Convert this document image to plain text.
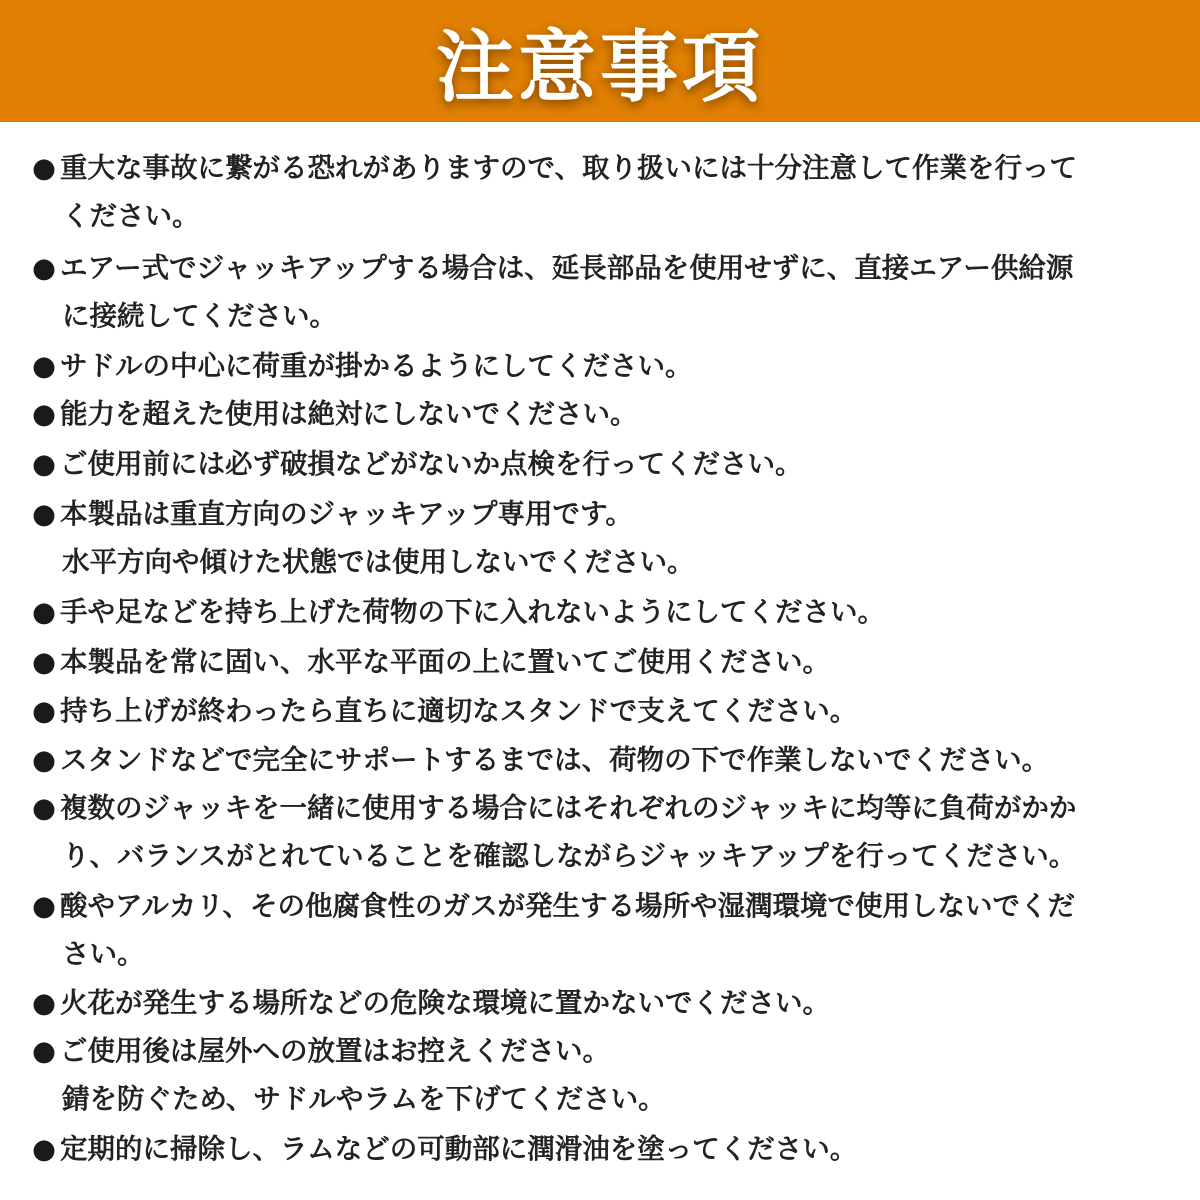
注意事項
● 重大な事故に繋がる恐れがありますので、取り扱いには十分注意して作業を行って
ください。
● エアー式でジャッキアップする場合は、延長部品を使用せずに、直接エアー供給源
に接続してください。
● サドルの中心に荷重が掛かるようにしてください。
● 能力を超えた使用は絶対にしないでください。
● ご使用前には必ず破損などがないか点検を行ってください。
● 本製品は重直方向のジャッキアップ専用です。
水平方向や傾けた状態では使用しないでください。
● 手や足などを持ち上げた荷物の下に入れないようにしてください。
● 本製品を常に固い、水平な平面の上に置いてご使用ください。
● 持ち上げが終わったら直ちに適切なスタンドで支えてください。
● スタンドなどで完全にサポートするまでは、荷物の下で作業しないでください。
● 複数のジャッキを一緒に使用する場合にはそれぞれのジャッキに均等に負荷がかか
り、バランスがとれていることを確認しながらジャッキアップを行ってください。
● 酸やアルカリ、その他腐食性のガスが発生する場所や湿潤環境で使用しないでくだ
さい。
● 火花が発生する場所などの危険な環境に置かないでください。
● ご使用後は屋外への放置はお控えください。
錆を防ぐため、サドルやラムを下げてください。
● 定期的に掃除し、ラムなどの可動部に潤滑油を塗ってください。
